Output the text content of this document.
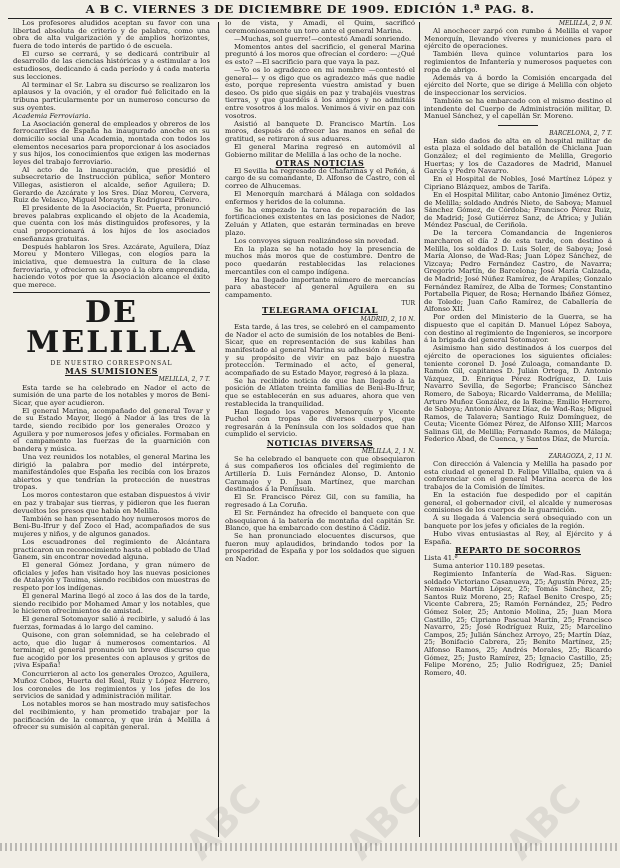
A B C. VIERNES 3 DE DICIEMBRE DE 1909. EDICIÓN 1.ª PAG. 8.

Los profesores aludidos aceptan su favor con una libertad absoluta de criterio y de palabra, como una obra de alta vulgarización y de amplios horizontes, fuera de todo interés de partido ó de escuela.

El curso se cerrará, y se dedicará contribuir al desarrollo de las ciencias históricas y a estimular a los estudiosos, dedicando á cada período y á cada materia sus lecciones.

Al terminar el Sr. Labra su discurso se realizaron los aplausos y la ovación, y el orador fué felicitado en la tribuna particularmente por un numeroso concurso de sus oyentes.

Academia Ferroviaria.

La Asociación general de empleados y obreros de los ferrocarriles de España ha inaugurado anoche en su domicilio social una Academia, montada con todos los elementos necesarios para proporcionar á los asociados y sus hijos, los conocimientos que exigen las modernas leyes del trabajo ferroviario.

Al acto de la inauguración, que presidió el subsecretario de Instrucción pública, señor Montero Villegas, asistieron el alcalde, señor Aguilera; D. Gerardo de Azcárate y los Sres. Díaz Moreu, Cervera, Ruiz de Velasco, Miguel Morayta y Rodríguez Piñeiro.

El presidente de la Asociación, Sr. Puerta, pronunció breves palabras explicando el objeto de la Academia, que cuenta con los más distinguidos profesores, y la cual proporcionará á los hijos de los asociados enseñanzas gratuitas.

Después hablaron los Sres. Azcárate, Aguilera, Díaz Moreu y Montero Villegas, con elogios para la iniciativa, que demuestra la cultura de la clase ferroviaria, y ofrecieron su apoyo á la obra emprendida, haciendo votos por que la Asociación alcance el éxito que merece.

DE MELILLA

DE NUESTRO CORRESPONSAL

MAS SUMISIONES

MELILLA, 2, 7 T.

Esta tarde se ha celebrado en Nador el acto de sumisión de una parte de los notables y moros de Beni-Sicar, que ayer acudieron.

El general Marina, acompañado del general Tovar y de su Estado Mayor, llegó á Nador á las tres de la tarde, siendo recibido por los generales Orozco y Aguilera y por numerosos jefes y oficiales. Formaban en el campamento las fuerzas de la guarnición con bandera y música.

Una vez reunidos los notables, el general Marina les dirigió la palabra por medio del intérprete, manifestándoles que España les recibía con los brazos abiertos y que tendrían la protección de nuestras tropas.

Los moros contestaron que estaban dispuestos á vivir en paz y trabajar sus tierras, y pidieron que les fueran devueltos los presos que había en Melilla.

También se han presentado hoy numerosos moros de Beni-Bu-Ifrur y del Zoco el Had, acompañados de sus mujeres y niños, y de algunos ganados.

Los escuadrones del regimiento de Alcántara practicaron un reconocimiento hasta el poblado de Ulad Ganem, sin encontrar novedad alguna.

El general Gómez Jordana, y gran número de oficiales y jefes han visitado hoy las nuevas posiciones de Atalayón y Tauima, siendo recibidos con muestras de respeto por los indígenas.

El general Marina llegó al zoco á las dos de la tarde, siendo recibido por Mohamed Amar y los notables, que le hicieron ofrecimientos de amistad.

El general Sotomayor salió á recibirle, y saludó á las fuerzas, formadas á lo largo del camino.

Quisone, con gran solemnidad, se ha celebrado el acto, que dio lugar á numerosos comentarios. Al terminar, el general pronunció un breve discurso que fue acogido por los presentes con aplausos y gritos de ¡viva España!

Concurrieron al acto los generales Orozco, Aguilera, Muñoz Cobos, Huerta del Real, Ruiz y López Herrero, los coroneles de los regimientos y los jefes de los servicios de sanidad y administración militar.

Los notables moros se han mostrado muy satisfechos del recibimiento, y han prometido trabajar por la pacificación de la comarca, y que irán á Melilla á ofrecer su sumisión al capitán general.

lo de vista, y Amadi, el Quim, sacrificó ceremoniosamente un toro ante el general Marina.

—Muchas, sol guerre!—contestó Amadí sonriendo.

Momentos antes del sacrificio, el general Marina preguntó á los moros que ofrecían el cordero: —¿Qué es esto? —El sacrificio para que vaya la paz.

—Yo os lo agradezco en mi nombre —contestó el general— y os digo que os agradezco más que nadie esto, porque representa vuestra amistad y buen deseo. Os pido que sigáis en paz y trabajéis vuestras tierras, y que guardéis á los amigos y no admitáis entre vosotros á los malos. Venimos á vivir en paz con vosotros.

Asistió al banquete D. Francisco Martín. Los moros, después de ofrecer las manos en señal de gratitud, se retiraron á sus aduares.

El general Marina regresó en automóvil al Gobierno militar de Melilla á las ocho de la noche.

OTRAS NOTICIAS

El Sevilla ha regresado de Chafarinas y el Peñón, á cargo de su comandante, D. Alfonso de Castro, con el correo de Alhucemas.

El Menorquín marchará á Málaga con soldados enfermos y heridos de la columna.

Se ha empezado la tarea de reparación de las fortificaciones existentes en las posiciones de Nador, Zeluán y Atlaten, que estarán terminadas en breve plazo.

Los convoyes siguen realizándose sin novedad.

En la plaza se ha notado hoy la presencia de muchos más moros que de costumbre. Dentro de poco quedarán restablecidas las relaciones mercantiles con el campo indígena.

Hoy ha llegado importante número de mercancías para abastecer al general Aguilera en su campamento.

TUR

TELEGRAMA OFICIAL

MADRID, 2, 10 N.

Esta tarde, á las tres, se celebró en el campamento de Nador el acto de sumisión de los notables de Beni-Sicar, que en representación de sus kabilas han manifestado al general Marina su adhesión á España y su propósito de vivir en paz bajo nuestra protección. Terminado el acto, el general, acompañado de su Estado Mayor, regresó á la plaza.

Se ha recibido noticia de que han llegado á la posición de Atlaten treinta familias de Beni-Bu-Ifrur, que se establecerán en sus aduares, ahora que ven restablecida la tranquilidad.

Han llegado los vapores Menorquín y Vicente Puchol con tropas de diversos cuerpos, que regresarán á la Península con los soldados que han cumplido el servicio.

NOTICIAS DIVERSAS

MELILLA, 2, 1 N.

Se ha celebrado el banquete con que obsequiaron á sus compañeros los oficiales del regimiento de Artillería D. Luis Fernández Alonso, D. Antonio Caramajo y D. Juan Martínez, que marchan destinados á la Península.

El Sr. Francisco Pérez Gil, con su familia, ha regresado á La Coruña.

El Sr. Fernández ha ofrecido el banquete con que obsequiaron á la batería de montaña del capitán Sr. Blanco, que ha embarcado con destino á Cádiz.

Se han pronunciado elocuentes discursos, que fueron muy aplaudidos, brindando todos por la prosperidad de España y por los soldados que siguen en Nador.

MELILLA, 2, 9 N.

Al anochecer zarpó con rumbo á Melilla el vapor Menorquín, llevando víveres y municiones para el ejército de operaciones.

También lleva quince voluntarios para los regimientos de Infantería y numerosos paquetes con ropa de abrigo.

Además va á bordo la Comisión encargada del ejército del Norte, que se dirige á Melilla con objeto de inspeccionar los servicios.

También se ha embarcado con el mismo destino el intendente del Cuerpo de Administración militar, D. Manuel Sánchez, y el capellán Sr. Moreno.

BARCELONA, 2, 7 T.

Han sido dados de alta en el hospital militar de esta plaza el soldado del batallón de Chiclana Juan González; el del regimiento de Melilla, Gregorio Huertas; y los de Cazadores de Madrid, Manuel García y Pedro Navarro.

En el Hospital de Nobles, José Martínez López y Cipriano Blázquez, ambos de Tarifa.

En el Hospital Militar, cabo Antonio Jiménez Ortiz, de Melilla; soldado Andrés Nieto, de Saboya; Manuel Sánchez Gómez, de Córdoba; Francisco Pérez Ruiz, de Madrid; José Gutiérrez Sanz, de África; y Julián Méndez Pascual, de Ceriñola.

De la tercera Comandancia de Ingenieros marcharon el día 2 de esta tarde, con destino á Melilla, los soldados D. Luis Soler, de Saboya; José María Alonso, de Wad-Ras; Juan López Sánchez, de Vizcaya; Pedro Fernández Castro, de Navarra; Gregorio Martín, de Barcelona; José María Calzada, de Madrid; José Núñez Ramírez, de Arapiles; Gonzalo Fernández Ramírez, de Alba de Tormes; Constantino Portabella Piquer, de Rosa; Hernando Ibáñez Gómez, de Toledo; Juan Caño Ramírez, de Caballería de Alfonso XII.

Por orden del Ministerio de la Guerra, se ha dispuesto que el capitán D. Manuel López Saboya, con destino al regimiento de Ingenieros, se incorpore á la brigada del general Sotomayor.

Asimismo han sido destinados á los cuerpos del ejército de operaciones los siguientes oficiales: teniente coronel D. José Zuloaga, comandante D. Ramón Gil, capitanes D. Julián Ortega, D. Antonio Vázquez, D. Enrique Pérez Rodríguez, D. Luis Navarro Sevilla, de Segorbe; Francisco Sánchez Romero, de Saboya; Ricardo Valderrama, de Melilla; Arturo Muñoz González, de la Reina; Emilio Herrero, de Saboya; Antonio Álvarez Díaz, de Wad-Ras; Miguel Ramos, de Talavera; Santiago Ruiz Domínguez, de Ceuta; Vicente Gómez Pérez, de Alfonso XIII; Marcos Salinas Gil, de Melilla; Fernando Ramos, de Málaga; Federico Abad, de Cuenca, y Santos Díaz, de Murcia.

ZARAGOZA, 2, 11 N.

Con dirección á Valencia y Melilla ha pasado por esta ciudad el general D. Felipe Villalba, quien va á conferenciar con el general Marina acerca de los trabajos de la Comisión de límites.

En la estación fue despedido por el capitán general, el gobernador civil, el alcalde y numerosas comisiones de los cuerpos de la guarnición.

Á su llegada á Valencia será obsequiado con un banquete por los jefes y oficiales de la región.

Hubo vivas entusiastas al Rey, al Ejército y á España.

REPARTO DE SOCORROS

Lista 41.ª

Suma anterior 110.189 pesetas.

Regimiento Infantería de Wad-Ras. Siguen: soldado Victoriano Casanueva, 25; Agustín Pérez, 25; Nemesio Martín López, 25; Tomás Sánchez, 25; Santos Ruiz Moreno, 25; Rafael Benito Crespo, 25; Vicente Cabrera, 25; Ramón Fernández, 25; Pedro Gómez Soler, 25; Antonio Molina, 25; Juan Mora Castillo, 25; Cipriano Pascual Martín, 25; Francisco Navarro, 25; José Rodríguez Ruiz, 25; Marcelino Campos, 25; Julián Sánchez Arroyo, 25; Martín Díaz, 25; Bonifacio Cabrera, 25; Benito Martínez, 25; Alfonso Ramos, 25; Andrés Morales, 25; Ricardo Gómez, 25; Justo Ramírez, 25; Ignacio Castillo, 25; Felipe Moreno, 25; Julio Rodríguez, 25; Daniel Romero, 40.

ABC ABC ABC
